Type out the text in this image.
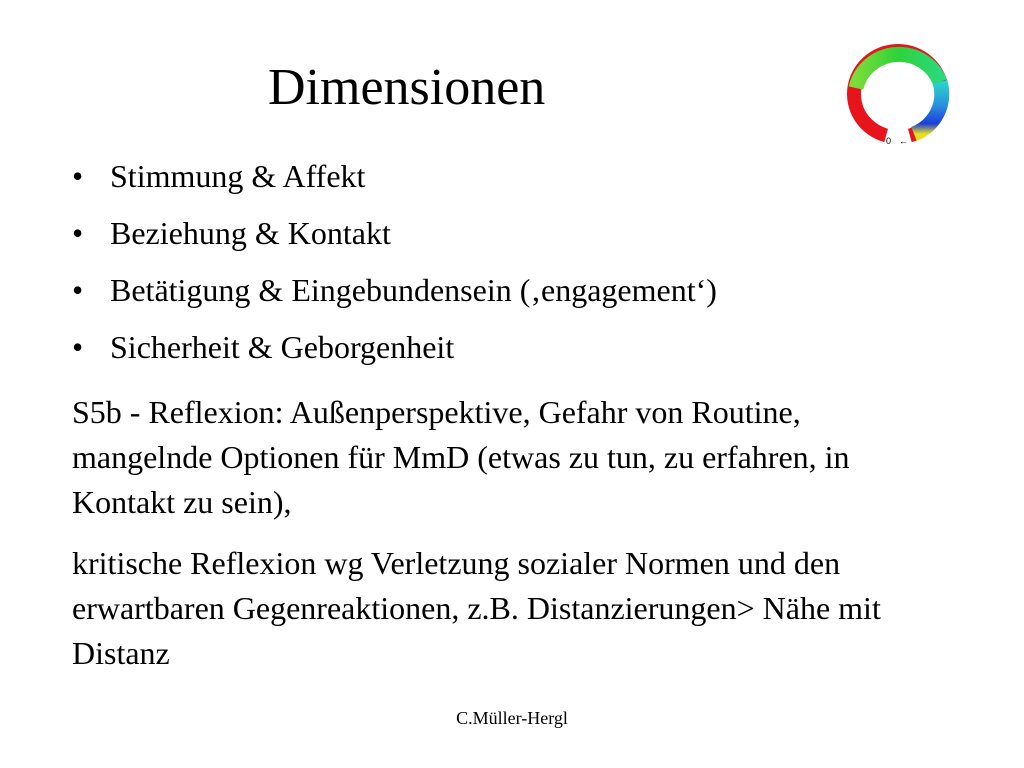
Dimensionen
0 ←
• Stimmung & Affekt
• Beziehung & Kontakt
• Betätigung & Eingebundensein (‚engagement‘)
• Sicherheit & Geborgenheit

S5b - Reflexion: Außenperspektive, Gefahr von Routine, mangelnde Optionen für MmD (etwas zu tun, zu erfahren, in Kontakt zu sein),

kritische Reflexion wg Verletzung sozialer Normen und den erwartbaren Gegenreaktionen, z.B. Distanzierungen> Nähe mit Distanz

C.Müller-Hergl
